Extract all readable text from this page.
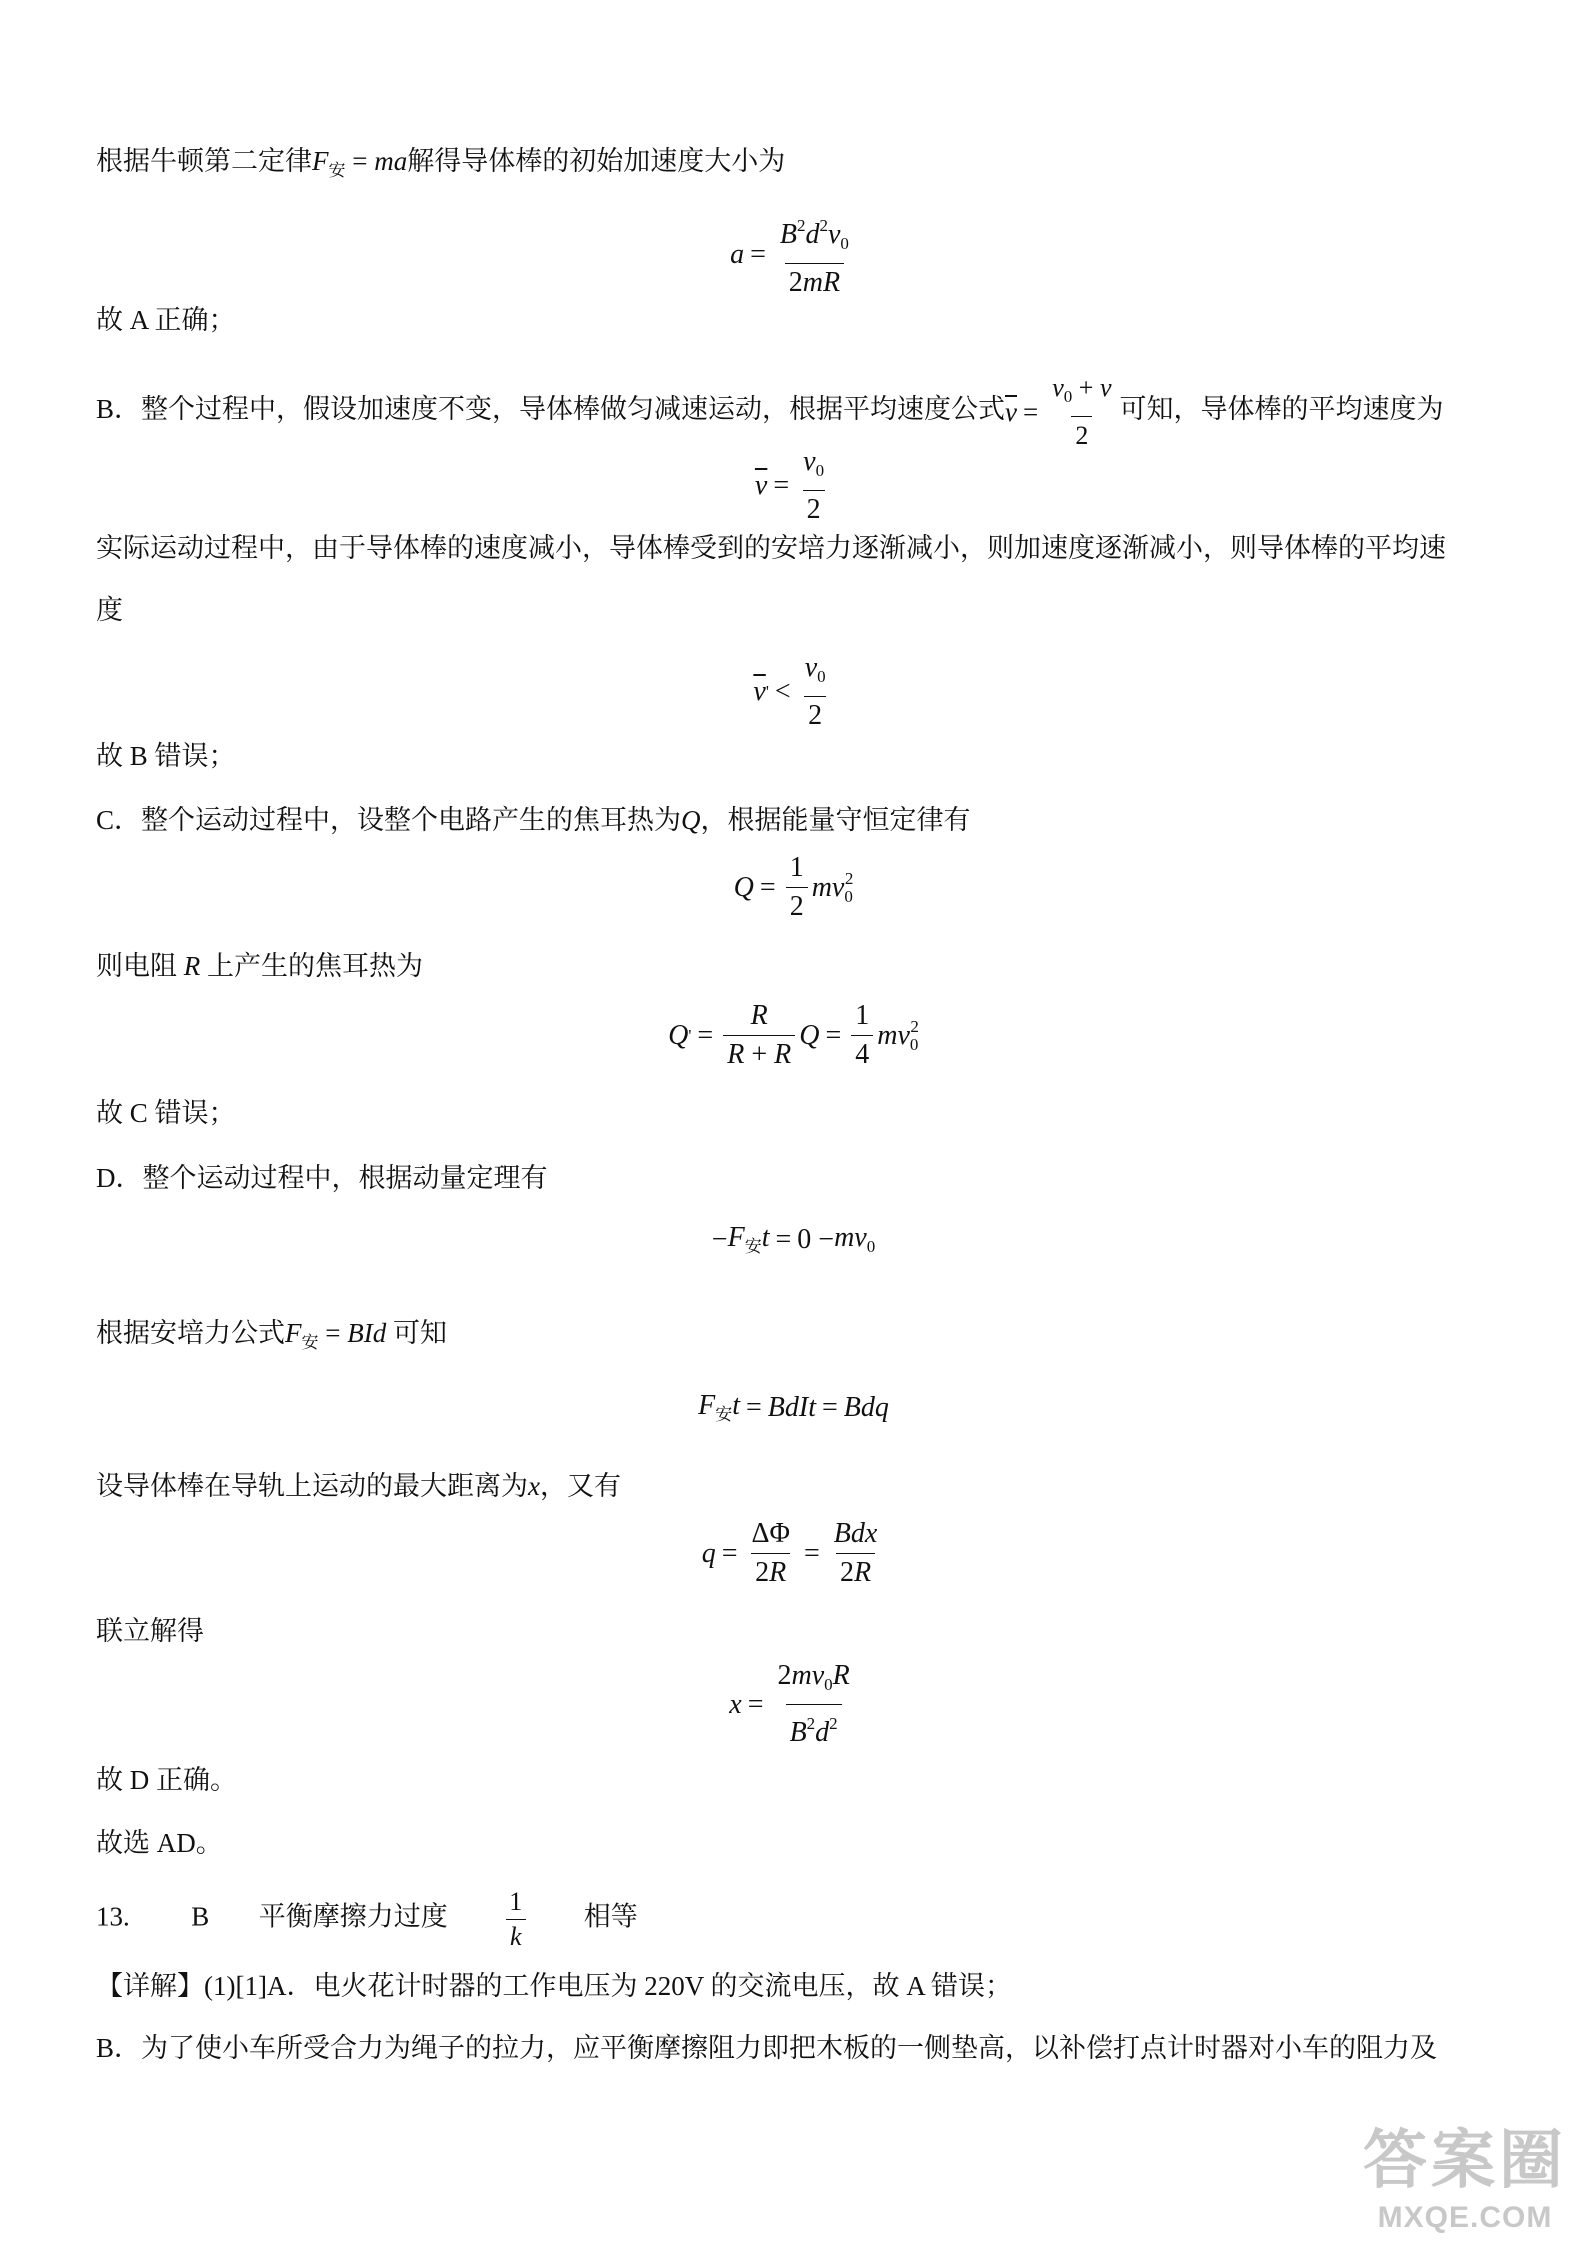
根据牛顿第二定律$F_安$ = ma解得导体棒的初始加速度大小为
$a = \frac{B^2d^2v_0}{2mR}$
故 A 正确；
B．整个过程中，假设加速度不变，导体棒做匀减速运动，根据平均速度公式 $\overline{v} = \frac{v_0 + v}{2}$ 可知，导体棒的平均速度为
$\overline{v} = \frac{v_0}{2}$
实际运动过程中，由于导体棒的速度减小，导体棒受到的安培力逐渐减小，则加速度逐渐减小，则导体棒的平均速
度
$\overline{v}$ ' < $\frac{v_0}{2}$
故 B 错误；
C．整个运动过程中，设整个电路产生的焦耳热为Q，根据能量守恒定律有
$Q = \frac{1}{2} mv_0^2$
则电阻 R 上产生的焦耳热为
Q ' = $\frac{R}{R + R}$ $Q = \frac{1}{4} mv_0^2$
故 C 错误；
D．整个运动过程中，根据动量定理有
− $F_安t = 0 - mv_0$
根据安培力公式$F_安$ = BId 可知
$F_安t$ = BdIt = Bdq
设导体棒在导轨上运动的最大距离为x，又有
$q = \frac{\Delta\Phi}{2R} = \frac{\text{Bdx}}{2R}$
联立解得
$x = \frac{2mv_0R}{B^2d^2}$
故 D 正确。
故选 AD。
13. B 平衡摩擦力过度 $\frac{1}{k}$ 相等
【详解】(1)[1]A．电火花计时器的工作电压为 220V 的交流电压，故 A 错误；
B．为了使小车所受合力为绳子的拉力，应平衡摩擦阻力即把木板的一侧垫高，以补偿打点计时器对小车的阻力及
答案圈
MXQE.COM
